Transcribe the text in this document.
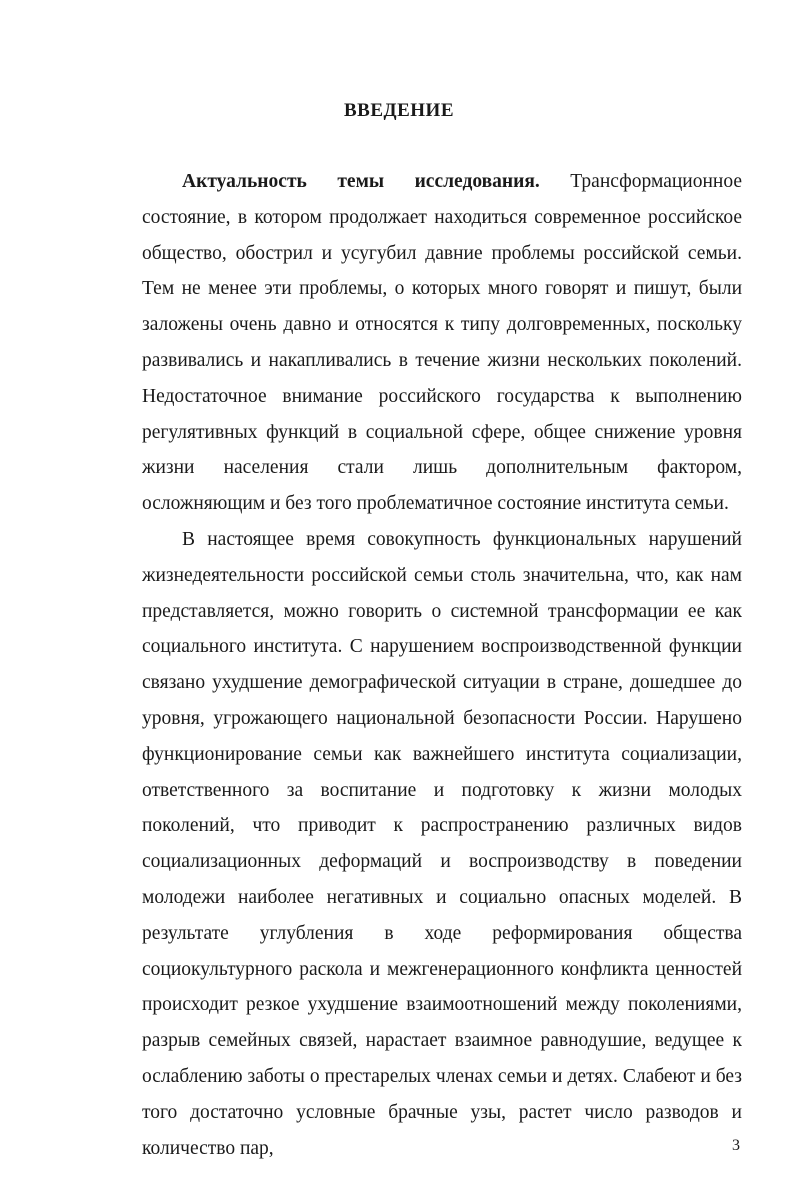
ВВЕДЕНИЕ

Актуальность темы исследования. Трансформационное состояние, в котором продолжает находиться современное российское общество, обострил и усугубил давние проблемы российской семьи. Тем не менее эти проблемы, о которых много говорят и пишут, были заложены очень давно и относятся к типу долговременных, поскольку развивались и накапливались в течение жизни нескольких поколений. Недостаточное внимание российского государства к выполнению регулятивных функций в социальной сфере, общее снижение уровня жизни населения стали лишь дополнительным фактором, осложняющим и без того проблематичное состояние института семьи.

В настоящее время совокупность функциональных нарушений жизнедеятельности российской семьи столь значительна, что, как нам представляется, можно говорить о системной трансформации ее как социального института. С нарушением воспроизводственной функции связано ухудшение демографической ситуации в стране, дошедшее до уровня, угрожающего национальной безопасности России. Нарушено функционирование семьи как важнейшего института социализации, ответственного за воспитание и подготовку к жизни молодых поколений, что приводит к распространению различных видов социализационных деформаций и воспроизводству в поведении молодежи наиболее негативных и социально опасных моделей. В результате углубления в ходе реформирования общества социокультурного раскола и межгенерационного конфликта ценностей происходит резкое ухудшение взаимоотношений между поколениями, разрыв семейных связей, нарастает взаимное равнодушие, ведущее к ослаблению заботы о престарелых членах семьи и детях. Слабеют и без того достаточно условные брачные узы, растет число разводов и количество пар,	3
